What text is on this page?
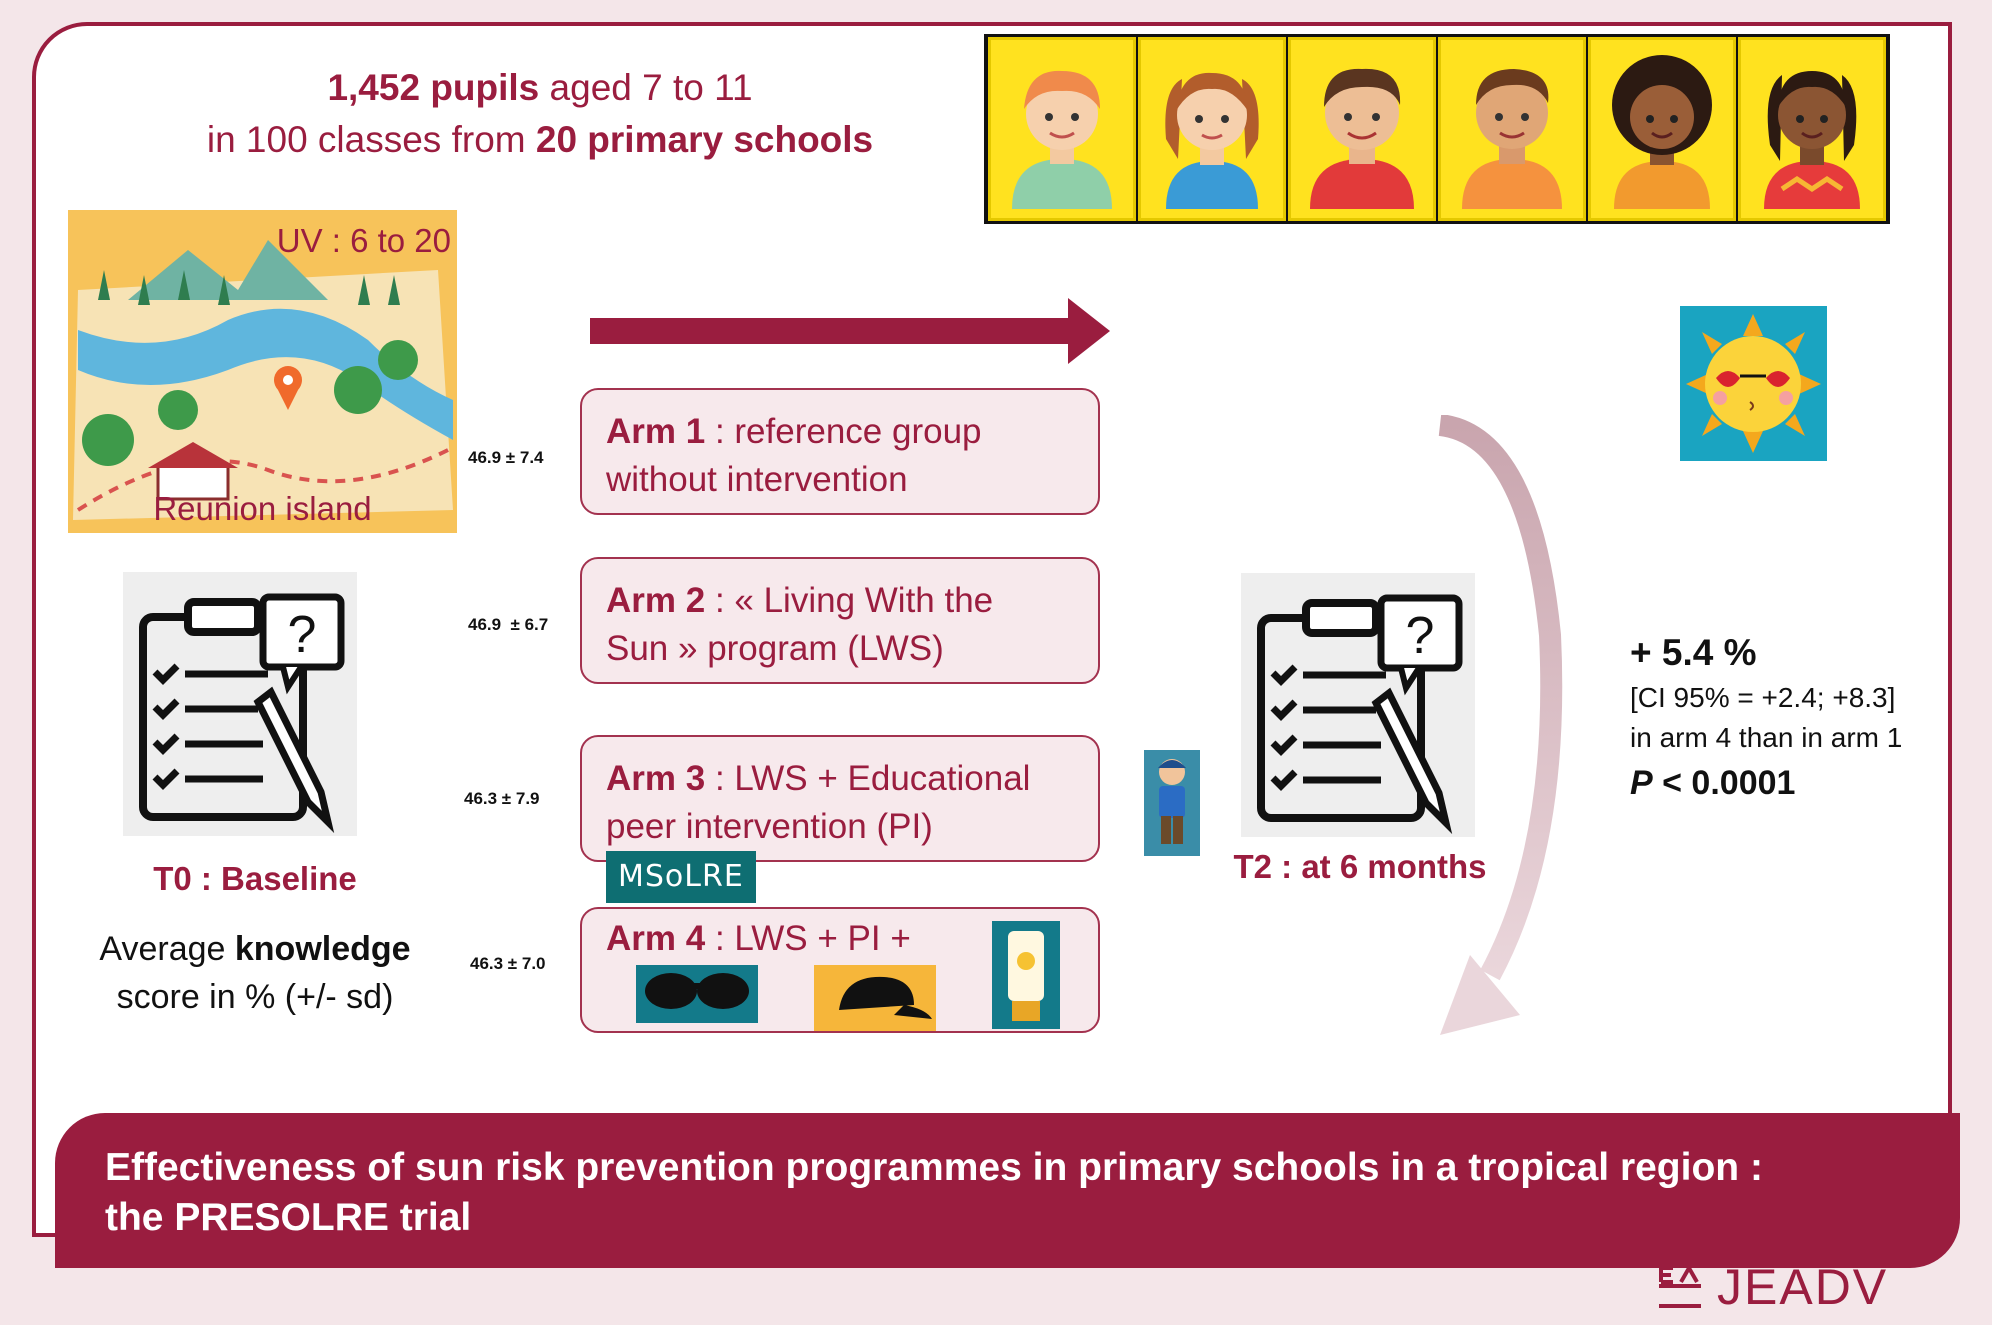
1,452 pupils aged 7 to 11
in 100 classes from 20 primary schools
UV : 6 to 20
Reunion island
?
T0 : Baseline
Average knowledge
score in % (+/- sd)
46.9 ± 7.4
46.9  ± 6.7
46.3 ± 7.9
46.3 ± 7.0
Arm 1 : reference group
without intervention
Arm 2 : « Living With the
Sun » program (LWS)
Arm 3 : LWS + Educational
peer intervention (PI) MSoLRE
Arm 4 : LWS + PI +
?
T2 : at 6 months
+ 5.4 %
[CI 95% = +2.4; +8.3]
in arm 4 than in arm 1
P < 0.0001
Effectiveness of sun risk prevention programmes in primary schools in a tropical region :
the PRESOLRE trial
JEADV
